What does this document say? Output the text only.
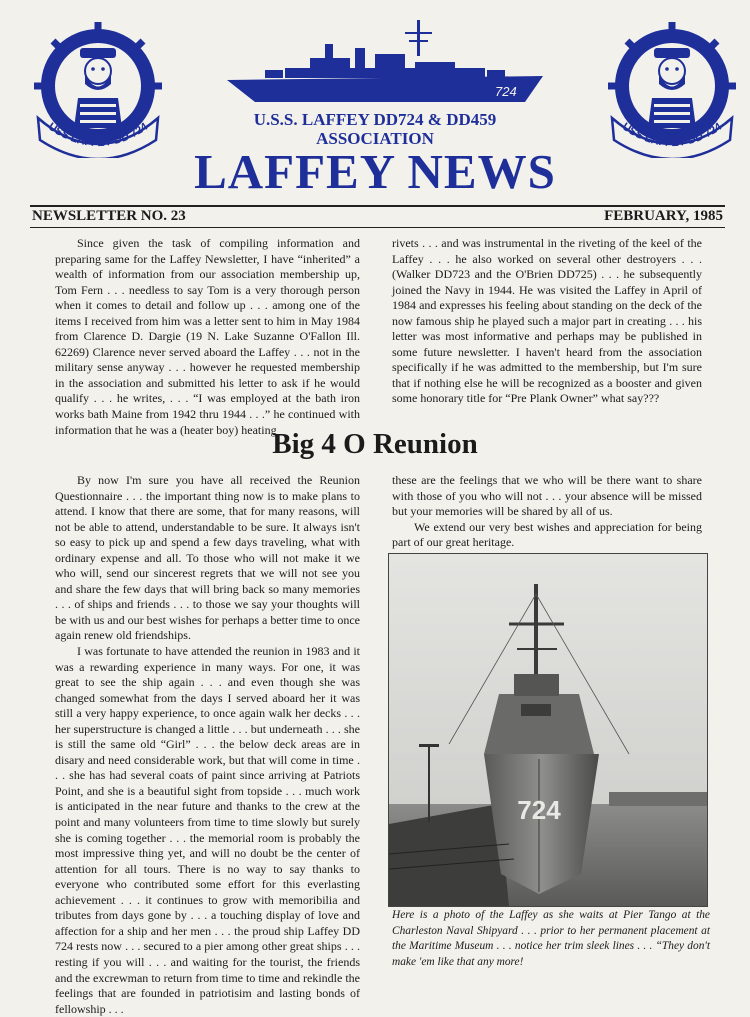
USS LAFFEY DD 724	USS LAFFEY DD 724
724
U.S.S. LAFFEY DD724 & DD459
ASSOCIATION
LAFFEY NEWS
NEWSLETTER NO. 23	FEBRUARY, 1985

Since given the task of compiling information and preparing same for the Laffey Newsletter, I have “inherited” a wealth of information from our association membership up, Tom Fern . . . needless to say Tom is a very thorough person when it comes to detail and follow up . . . among one of the items I received from him was a letter sent to him in May 1984 from Clarence D. Dargie (19 N. Lake Suzanne O'Fallon Ill. 62269) Clarence never served aboard the Laffey . . . not in the military sense anyway . . . however he requested membership in the association and submitted his letter to ask if he would qualify . . . he writes, . . . “I was employed at the bath iron works bath Maine from 1942 thru 1944 . . .” he continued with information that he was a (heater boy) heating

rivets . . . and was instrumental in the riveting of the keel of the Laffey . . . he also worked on several other destroyers . . . (Walker DD723 and the O'Brien DD725) . . . he subsequently joined the Navy in 1944. He was visited the Laffey in April of 1984 and expresses his feeling about standing on the deck of the now famous ship he played such a major part in creating . . . his letter was most informative and perhaps may be published in some future newsletter. I haven't heard from the association specifically if he was admitted to the membership, but I'm sure that if nothing else he will be recognized as a booster and given some honorary title for “Pre Plank Owner” what say???

Big 4 O Reunion

By now I'm sure you have all received the Reunion Questionnaire . . . the important thing now is to make plans to attend. I know that there are some, that for many reasons, will not be able to attend, understandable to be sure. It always isn't so easy to pick up and spend a few days traveling, what with ordinary expense and all. To those who will not make it we who will, send our sincerest regrets that we will not see you and share the few days that will bring back so many memories . . . of ships and friends . . . to those we say your thoughts will be with us and our best wishes for perhaps a better time to once again renew old friendships.

I was fortunate to have attended the reunion in 1983 and it was a rewarding experience in many ways. For one, it was great to see the ship again . . . and even though she was changed somewhat from the days I served aboard her it was still a very happy experience, to once again walk her decks . . . her superstructure is changed a little . . . but underneath . . . she is still the same old “Girl” . . . the below deck areas are in disary and need considerable work, but that will come in time . . . she has had several coats of paint since arriving at Patriots Point, and she is a beautiful sight from topside . . . much work is anticipated in the near future and thanks to the crew at the point and many volunteers from time to time slowly but surely she is coming together . . . the memorial room is probably the most impressive thing yet, and will no doubt be the center of attention for all tours. There is no way to say thanks to everyone who contributed some effort for this everlasting achievement . . . it continues to grow with memoribilia and tributes from days gone by . . . a touching display of love and affection for a ship and her men . . . the proud ship Laffey DD 724 rests now . . . secured to a pier among other great ships . . . resting if you will . . . and waiting for the tourist, the friends and the excrewman to return from time to time and rekindle the feelings that are founded in patriotisim and lasting bonds of fellowship . . .

these are the feelings that we who will be there want to share with those of you who will not . . . your absence will be missed but your memories will be shared by all of us.

We extend our very best wishes and appreciation for being part of our great heritage.

724
Here is a photo of the Laffey as she waits at Pier Tango at the Charleston Naval Shipyard . . . prior to her permanent placement at the Maritime Museum . . . notice her trim sleek lines . . . “They don't make 'em like that any more!
